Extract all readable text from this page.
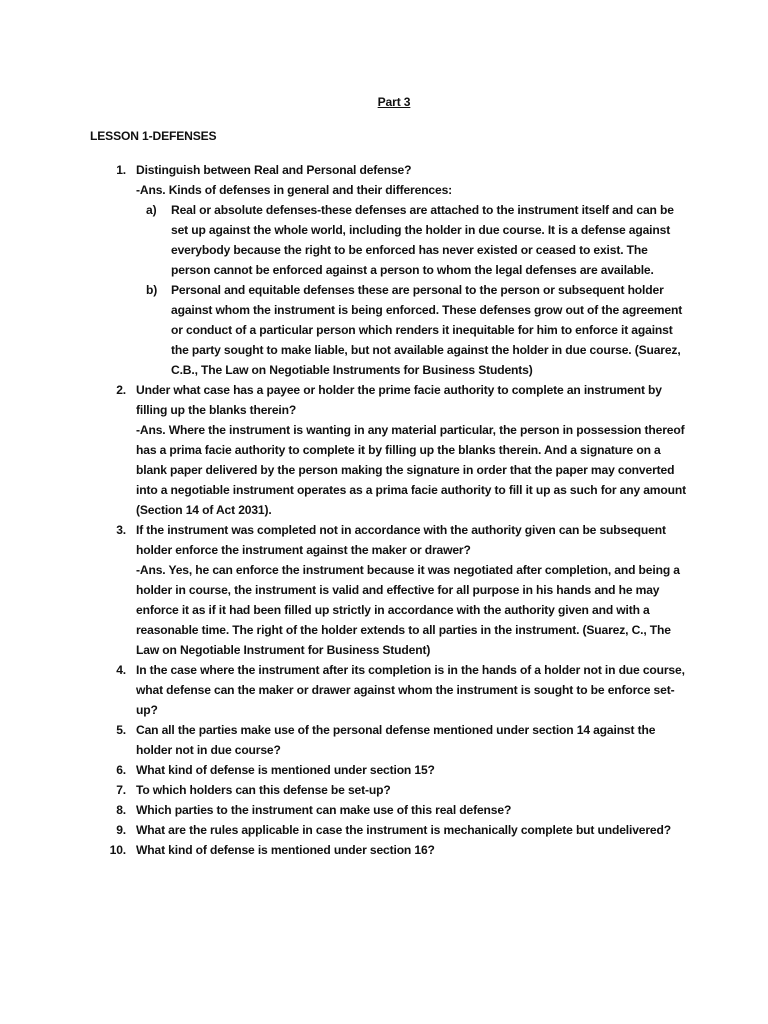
Part 3

LESSON 1-DEFENSES

1. Distinguish between Real and Personal defense?

-Ans. Kinds of defenses in general and their differences:

a) Real or absolute defenses-these defenses are attached to the instrument itself and can be set up against the whole world, including the holder in due course. It is a defense against everybody because the right to be enforced has never existed or ceased to exist. The person cannot be enforced against a person to whom the legal defenses are available.

b) Personal and equitable defenses these are personal to the person or subsequent holder against whom the instrument is being enforced. These defenses grow out of the agreement or conduct of a particular person which renders it inequitable for him to enforce it against the party sought to make liable, but not available against the holder in due course. (Suarez, C.B., The Law on Negotiable Instruments for Business Students)

2. Under what case has a payee or holder the prime facie authority to complete an instrument by filling up the blanks therein?

-Ans. Where the instrument is wanting in any material particular, the person in possession thereof has a prima facie authority to complete it by filling up the blanks therein. And a signature on a blank paper delivered by the person making the signature in order that the paper may converted into a negotiable instrument operates as a prima facie authority to fill it up as such for any amount (Section 14 of Act 2031).

3. If the instrument was completed not in accordance with the authority given can be subsequent holder enforce the instrument against the maker or drawer?

-Ans. Yes, he can enforce the instrument because it was negotiated after completion, and being a holder in course, the instrument is valid and effective for all purpose in his hands and he may enforce it as if it had been filled up strictly in accordance with the authority given and with a reasonable time. The right of the holder extends to all parties in the instrument. (Suarez, C., The Law on Negotiable Instrument for Business Student)

4. In the case where the instrument after its completion is in the hands of a holder not in due course, what defense can the maker or drawer against whom the instrument is sought to be enforce set-up?

5. Can all the parties make use of the personal defense mentioned under section 14 against the holder not in due course?

6. What kind of defense is mentioned under section 15?

7. To which holders can this defense be set-up?

8. Which parties to the instrument can make use of this real defense?

9. What are the rules applicable in case the instrument is mechanically complete but undelivered?

10. What kind of defense is mentioned under section 16?
